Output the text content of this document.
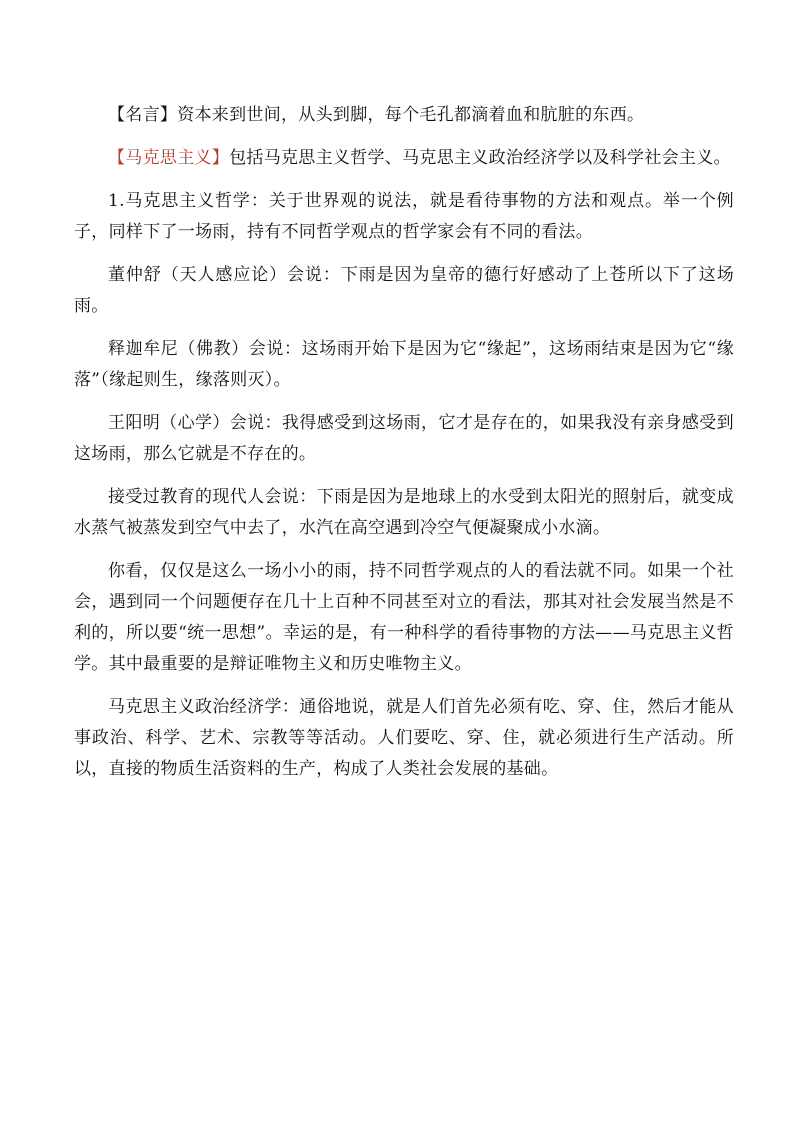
【名言】资本来到世间，从头到脚，每个毛孔都滴着血和肮脏的东西。

【马克思主义】包括马克思主义哲学、马克思主义政治经济学以及科学社会主义。

1.马克思主义哲学：关于世界观的说法，就是看待事物的方法和观点。举一个例子，同样下了一场雨，持有不同哲学观点的哲学家会有不同的看法。

董仲舒（天人感应论）会说：下雨是因为皇帝的德行好感动了上苍所以下了这场雨。

释迦牟尼（佛教）会说：这场雨开始下是因为它“缘起”，这场雨结束是因为它“缘落”（缘起则生，缘落则灭）。

王阳明（心学）会说：我得感受到这场雨，它才是存在的，如果我没有亲身感受到这场雨，那么它就是不存在的。

接受过教育的现代人会说：下雨是因为是地球上的水受到太阳光的照射后，就变成水蒸气被蒸发到空气中去了，水汽在高空遇到冷空气便凝聚成小水滴。

你看，仅仅是这么一场小小的雨，持不同哲学观点的人的看法就不同。如果一个社会，遇到同一个问题便存在几十上百种不同甚至对立的看法，那其对社会发展当然是不利的，所以要“统一思想”。幸运的是，有一种科学的看待事物的方法——马克思主义哲学。其中最重要的是辩证唯物主义和历史唯物主义。

马克思主义政治经济学：通俗地说，就是人们首先必须有吃、穿、住，然后才能从事政治、科学、艺术、宗教等等活动。人们要吃、穿、住，就必须进行生产活动。所以，直接的物质生活资料的生产，构成了人类社会发展的基础。
